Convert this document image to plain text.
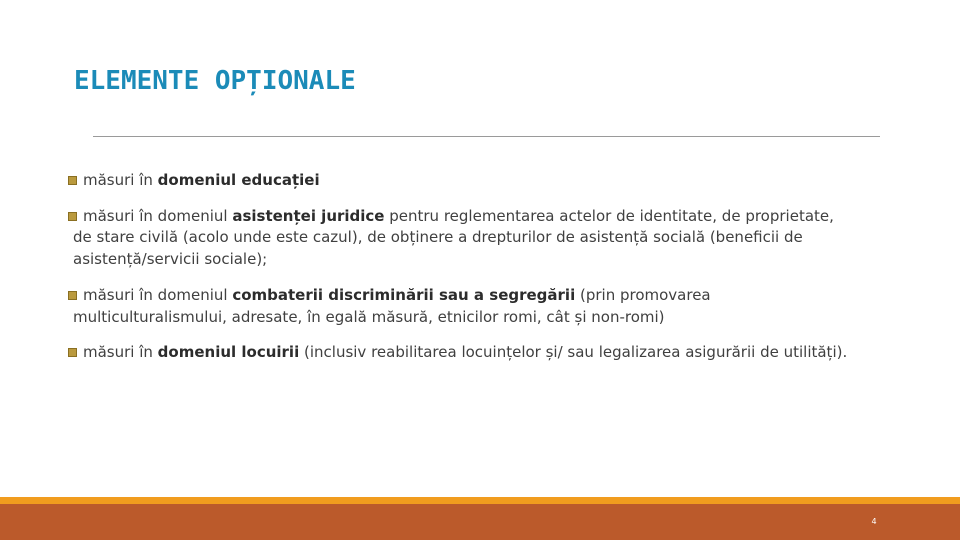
ELEMENTE OPȚIONALE
măsuri în domeniul educației
măsuri în domeniul asistenței juridice pentru reglementarea actelor de identitate, de proprietate,
de stare civilă (acolo unde este cazul), de obținere a drepturilor de asistență socială (beneficii de
asistență/servicii sociale);
măsuri în domeniul combaterii discriminării sau a segregării (prin promovarea
multiculturalismului, adresate, în egală măsură, etnicilor romi, cât și non-romi)
măsuri în domeniul locuirii (inclusiv reabilitarea locuințelor și/ sau legalizarea asigurării de utilități).
4
